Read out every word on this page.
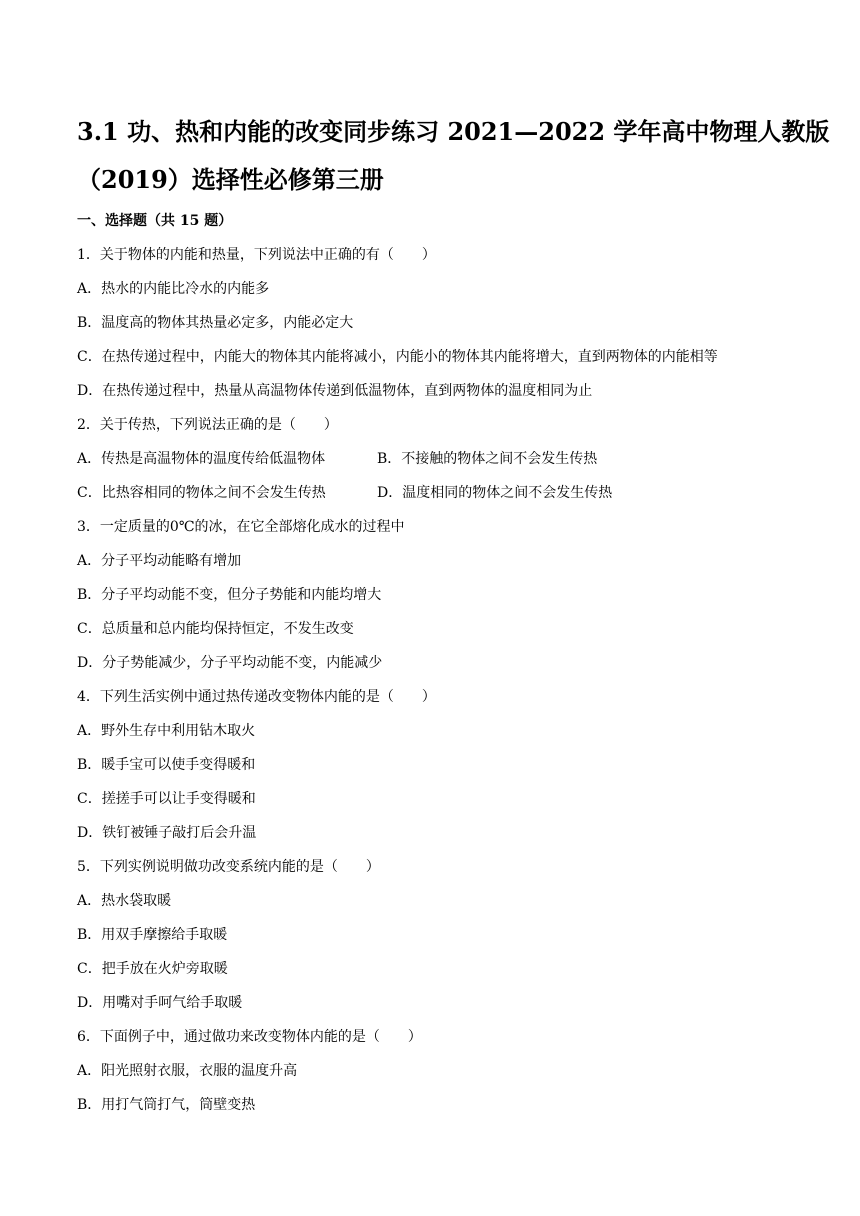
3.1 功、热和内能的改变同步练习 2021—2022 学年高中物理人教版
（2019）选择性必修第三册
一、选择题（共 15 题）
1．关于物体的内能和热量，下列说法中正确的有（　　）
A．热水的内能比冷水的内能多
B．温度高的物体其热量必定多，内能必定大
C．在热传递过程中，内能大的物体其内能将减小，内能小的物体其内能将增大，直到两物体的内能相等
D．在热传递过程中，热量从高温物体传递到低温物体，直到两物体的温度相同为止
2．关于传热，下列说法正确的是（　　）
A．传热是高温物体的温度传给低温物体	B．不接触的物体之间不会发生传热
C．比热容相同的物体之间不会发生传热	D．温度相同的物体之间不会发生传热
3．一定质量的0℃的冰，在它全部熔化成水的过程中
A．分子平均动能略有增加
B．分子平均动能不变，但分子势能和内能均增大
C．总质量和总内能均保持恒定，不发生改变
D．分子势能减少，分子平均动能不变，内能减少
4．下列生活实例中通过热传递改变物体内能的是（　　）
A．野外生存中利用钻木取火
B．暖手宝可以使手变得暖和
C．搓搓手可以让手变得暖和
D．铁钉被锤子敲打后会升温
5．下列实例说明做功改变系统内能的是（　　）
A．热水袋取暖
B．用双手摩擦给手取暖
C．把手放在火炉旁取暖
D．用嘴对手呵气给手取暖
6．下面例子中，通过做功来改变物体内能的是（　　）
A．阳光照射衣服，衣服的温度升高
B．用打气筒打气，筒壁变热
